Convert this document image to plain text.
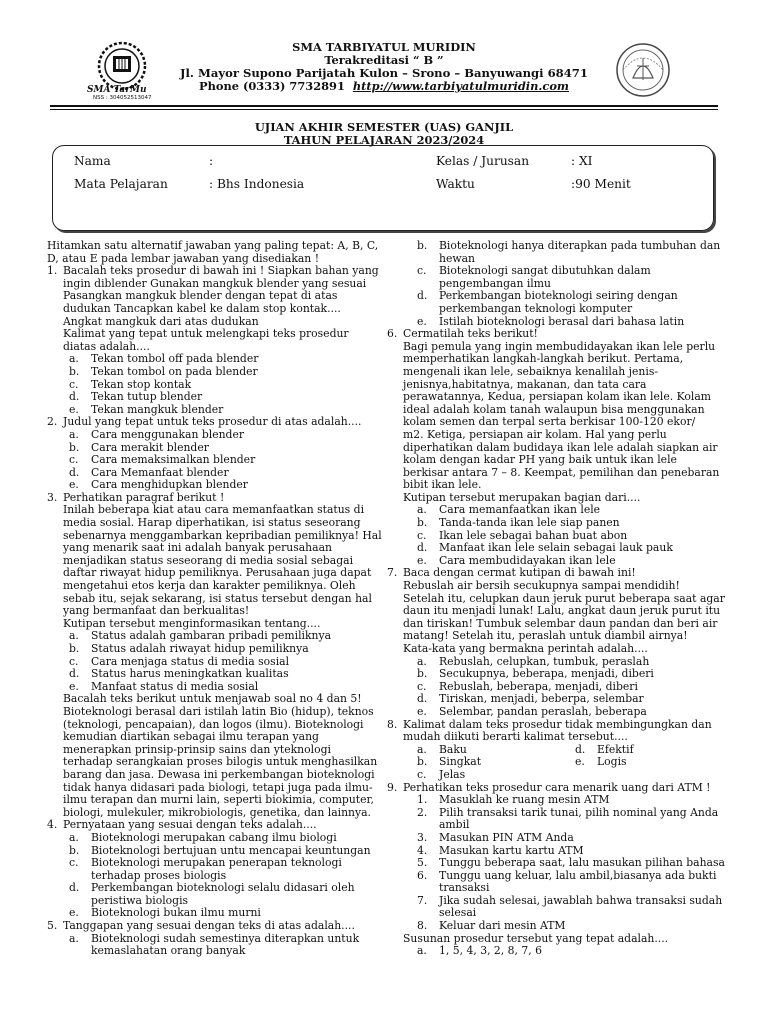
SMA TarMu
NSS : 304052513047
SMA TARBIYATUL MURIDIN
Terakreditasi “ B ”
Jl. Mayor Supono Parijatah Kulon – Srono – Banyuwangi 68471
Phone (0333) 7732891 http://www.tarbiyatulmuridin.com
UJIAN AKHIR SEMESTER (UAS) GANJIL
TAHUN PELAJARAN 2023/2024
Nama	:	Kelas / Jurusan	: XI
Mata Pelajaran	: Bhs Indonesia	Waktu	:90 Menit
Hitamkan satu alternatif jawaban yang paling tepat: A, B, C,
D, atau E pada lembar jawaban yang disediakan !
1. Bacalah teks prosedur di bawah ini ! Siapkan bahan yang
ingin diblender Gunakan mangkuk blender yang sesuai
Pasangkan mangkuk blender dengan tepat di atas
dudukan Tancapkan kabel ke dalam stop kontak....
Angkat mangkuk dari atas dudukan
Kalimat yang tepat untuk melengkapi teks prosedur
diatas adalah....
a.	Tekan tombol off pada blender
b.	Tekan tombol on pada blender
c.	Tekan stop kontak
d.	Tekan tutup blender
e.	Tekan mangkuk blender
2. Judul yang tepat untuk teks prosedur di atas adalah....
a.	Cara menggunakan blender
b.	Cara merakit blender
c.	Cara memaksimalkan blender
d.	Cara Memanfaat blender
e.	Cara menghidupkan blender
3. Perhatikan paragraf berikut !
Inilah beberapa kiat atau cara memanfaatkan status di
media sosial. Harap diperhatikan, isi status seseorang
sebenarnya menggambarkan kepribadian pemiliknya! Hal
yang menarik saat ini adalah banyak perusahaan
menjadikan status seseorang di media sosial sebagai
daftar riwayat hidup pemiliknya. Perusahaan juga dapat
mengetahui etos kerja dan karakter pemiliknya. Oleh
sebab itu, sejak sekarang, isi status tersebut dengan hal
yang bermanfaat dan berkualitas!
Kutipan tersebut menginformasikan tentang....
a.	Status adalah gambaran pribadi pemiliknya
b.	Status adalah riwayat hidup pemiliknya
c.	Cara menjaga status di media sosial
d.	Status harus meningkatkan kualitas
e.	Manfaat status di media sosial
Bacalah teks berikut untuk menjawab soal no 4 dan 5!
Bioteknologi berasal dari istilah latin Bio (hidup), teknos
(teknologi, pencapaian), dan logos (ilmu). Bioteknologi
kemudian diartikan sebagai ilmu terapan yang
menerapkan prinsip-prinsip sains dan yteknologi
terhadap serangkaian proses bilogis untuk menghasilkan
barang dan jasa. Dewasa ini perkembangan bioteknologi
tidak hanya didasari pada biologi, tetapi juga pada ilmu-
ilmu terapan dan murni lain, seperti biokimia, computer,
biologi, mulekuler, mikrobiologis, genetika, dan lainnya.
4. Pernyataan yang sesuai dengan teks adalah....
a.	Bioteknologi merupakan cabang ilmu biologi
b.	Bioteknologi bertujuan untu mencapai keuntungan
c.	Bioteknologi merupakan penerapan teknologi
terhadap proses biologis
d.	Perkembangan bioteknologi selalu didasari oleh
peristiwa biologis
e.	Bioteknologi bukan ilmu murni
5. Tanggapan yang sesuai dengan teks di atas adalah....
a.	Bioteknologi sudah semestinya diterapkan untuk
kemaslahatan orang banyak
b.	Bioteknologi hanya diterapkan pada tumbuhan dan
hewan
c.	Bioteknologi sangat dibutuhkan dalam
pengembangan ilmu
d.	Perkembangan bioteknologi seiring dengan
perkembangan teknologi komputer
e.	Istilah bioteknologi berasal dari bahasa latin
6. Cermatilah teks berikut!
Bagi pemula yang ingin membudidayakan ikan lele perlu
memperhatikan langkah-langkah berikut. Pertama,
mengenali ikan lele, sebaiknya kenalilah jenis-
jenisnya,habitatnya, makanan, dan tata cara
perawatannya, Kedua, persiapan kolam ikan lele. Kolam
ideal adalah kolam tanah walaupun bisa menggunakan
kolam semen dan terpal serta berkisar 100-120 ekor/
m2. Ketiga, persiapan air kolam. Hal yang perlu
diperhatikan dalam budidaya ikan lele adalah siapkan air
kolam dengan kadar PH yang baik untuk ikan lele
berkisar antara 7 – 8. Keempat, pemilihan dan penebaran
bibit ikan lele.
Kutipan tersebut merupakan bagian dari....
a.	Cara memanfaatkan ikan lele
b.	Tanda-tanda ikan lele siap panen
c.	Ikan lele sebagai bahan buat abon
d.	Manfaat ikan lele selain sebagai lauk pauk
e.	Cara membudidayakan ikan lele
7. Baca dengan cermat kutipan di bawah ini!
Rebuslah air bersih secukupnya sampai mendidih!
Setelah itu, celupkan daun jeruk purut beberapa saat agar
daun itu menjadi lunak! Lalu, angkat daun jeruk purut itu
dan tiriskan! Tumbuk selembar daun pandan dan beri air
matang! Setelah itu, peraslah untuk diambil airnya!
Kata-kata yang bermakna perintah adalah....
a.	Rebuslah, celupkan, tumbuk, peraslah
b.	Secukupnya, beberapa, menjadi, diberi
c.	Rebuslah, beberapa, menjadi, diberi
d.	Tiriskan, menjadi, beberpa, selembar
e.	Selembar, pandan peraslah, beberapa
8. Kalimat dalam teks prosedur tidak membingungkan dan
mudah diikuti berarti kalimat tersebut....
a.	Baku	d.	Efektif
b.	Singkat	e.	Logis
c.	Jelas
9. Perhatikan teks prosedur cara menarik uang dari ATM !
1.	Masuklah ke ruang mesin ATM
2.	Pilih transaksi tarik tunai, pilih nominal yang Anda
ambil
3.	Masukan PIN ATM Anda
4.	Masukan kartu kartu ATM
5.	Tunggu beberapa saat, lalu masukan pilihan bahasa
6.	Tunggu uang keluar, lalu ambil,biasanya ada bukti
transaksi
7.	Jika sudah selesai, jawablah bahwa transaksi sudah
selesai
8.	Keluar dari mesin ATM
Susunan prosedur tersebut yang tepat adalah....
a.	1, 5, 4, 3, 2, 8, 7, 6
